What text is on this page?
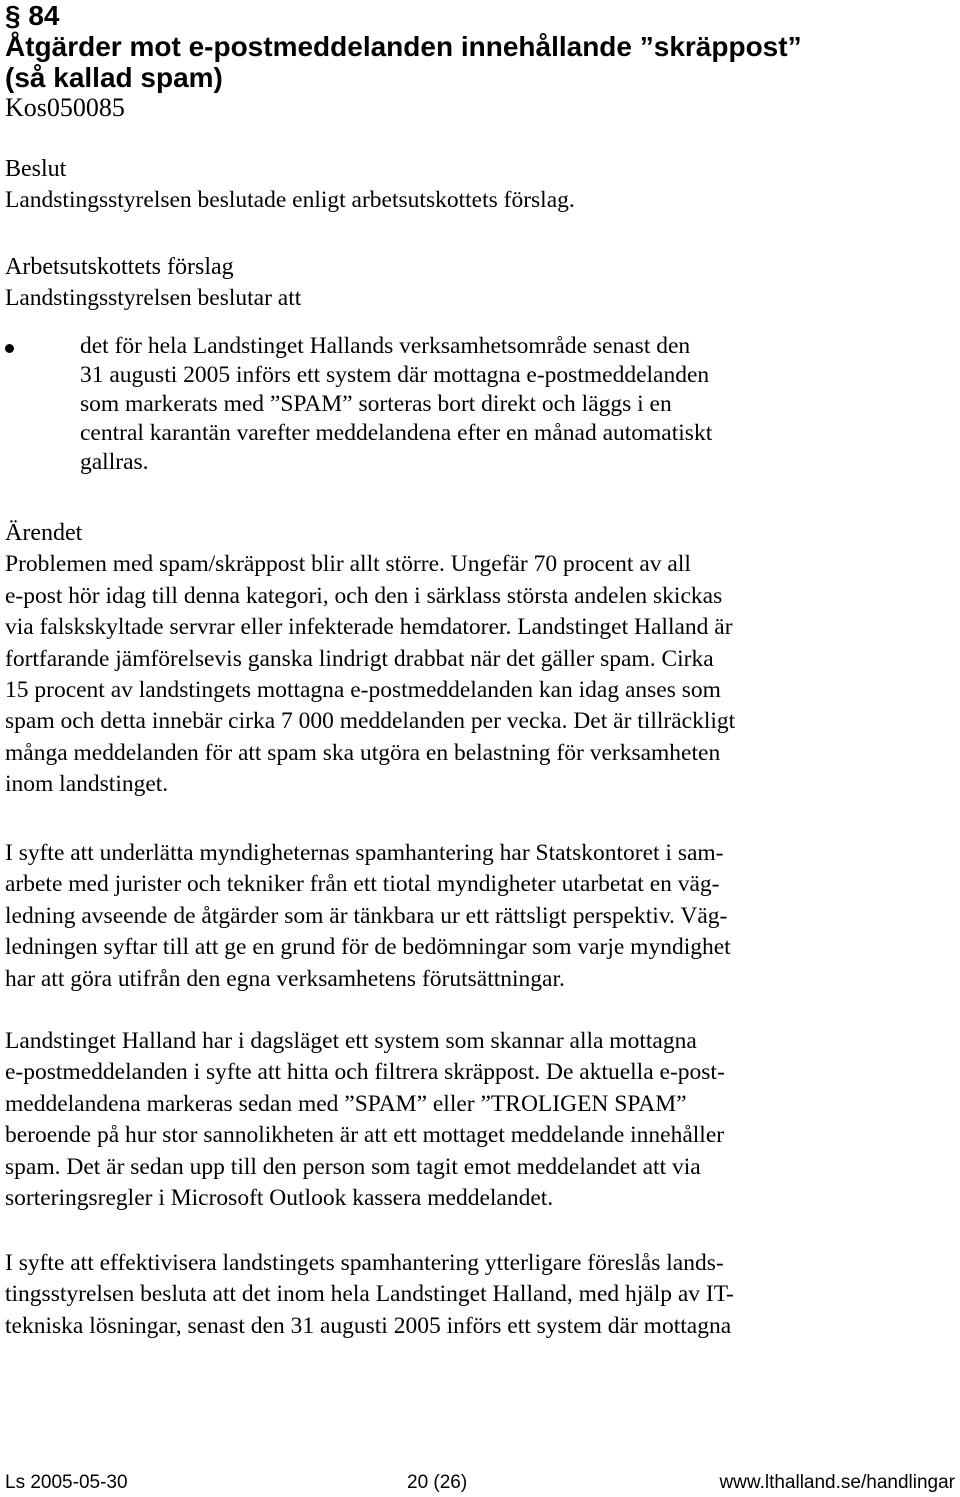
§ 84
Åtgärder mot e-postmeddelanden innehållande ”skräppost”
(så kallad spam)
Kos050085
Beslut
Landstingsstyrelsen beslutade enligt arbetsutskottets förslag.
Arbetsutskottets förslag
Landstingsstyrelsen beslutar att
det för hela Landstinget Hallands verksamhetsområde senast den
31 augusti 2005 införs ett system där mottagna e-postmeddelanden
som markerats med ”SPAM” sorteras bort direkt och läggs i en
central karantän varefter meddelandena efter en månad automatiskt
gallras.
Ärendet
Problemen med spam/skräppost blir allt större. Ungefär 70 procent av all
e-post hör idag till denna kategori, och den i särklass största andelen skickas
via falskskyltade servrar eller infekterade hemdatorer. Landstinget Halland är
fortfarande jämförelsevis ganska lindrigt drabbat när det gäller spam. Cirka
15 procent av landstingets mottagna e-postmeddelanden kan idag anses som
spam och detta innebär cirka 7 000 meddelanden per vecka. Det är tillräckligt
många meddelanden för att spam ska utgöra en belastning för verksamheten
inom landstinget.
I syfte att underlätta myndigheternas spamhantering har Statskontoret i sam-
arbete med jurister och tekniker från ett tiotal myndigheter utarbetat en väg-
ledning avseende de åtgärder som är tänkbara ur ett rättsligt perspektiv. Väg-
ledningen syftar till att ge en grund för de bedömningar som varje myndighet
har att göra utifrån den egna verksamhetens förutsättningar.
Landstinget Halland har i dagsläget ett system som skannar alla mottagna
e-postmeddelanden i syfte att hitta och filtrera skräppost. De aktuella e-post-
meddelandena markeras sedan med ”SPAM” eller ”TROLIGEN SPAM”
beroende på hur stor sannolikheten är att ett mottaget meddelande innehåller
spam. Det är sedan upp till den person som tagit emot meddelandet att via
sorteringsregler i Microsoft Outlook kassera meddelandet.
I syfte att effektivisera landstingets spamhantering ytterligare föreslås lands-
tingsstyrelsen besluta att det inom hela Landstinget Halland, med hjälp av IT-
tekniska lösningar, senast den 31 augusti 2005 införs ett system där mottagna
Ls 2005-05-30	20 (26)	www.lthalland.se/handlingar
